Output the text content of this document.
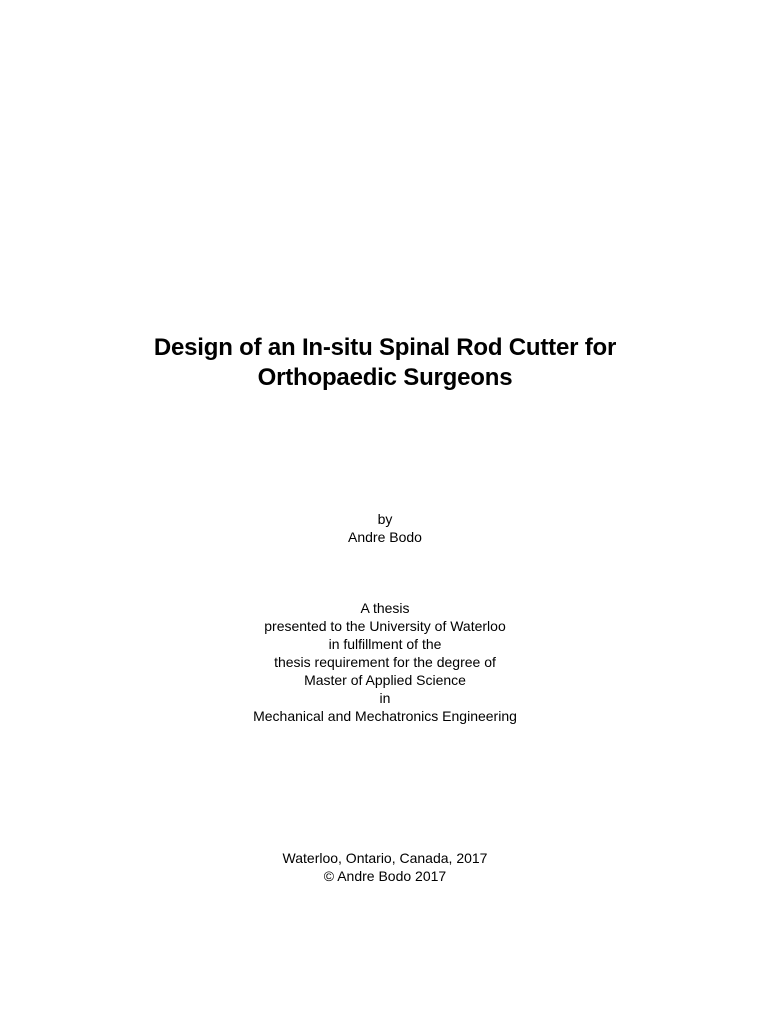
Design of an In-situ Spinal Rod Cutter for
Orthopaedic Surgeons
by
Andre Bodo
A thesis
presented to the University of Waterloo
in fulfillment of the
thesis requirement for the degree of
Master of Applied Science
in
Mechanical and Mechatronics Engineering
Waterloo, Ontario, Canada, 2017
© Andre Bodo 2017
